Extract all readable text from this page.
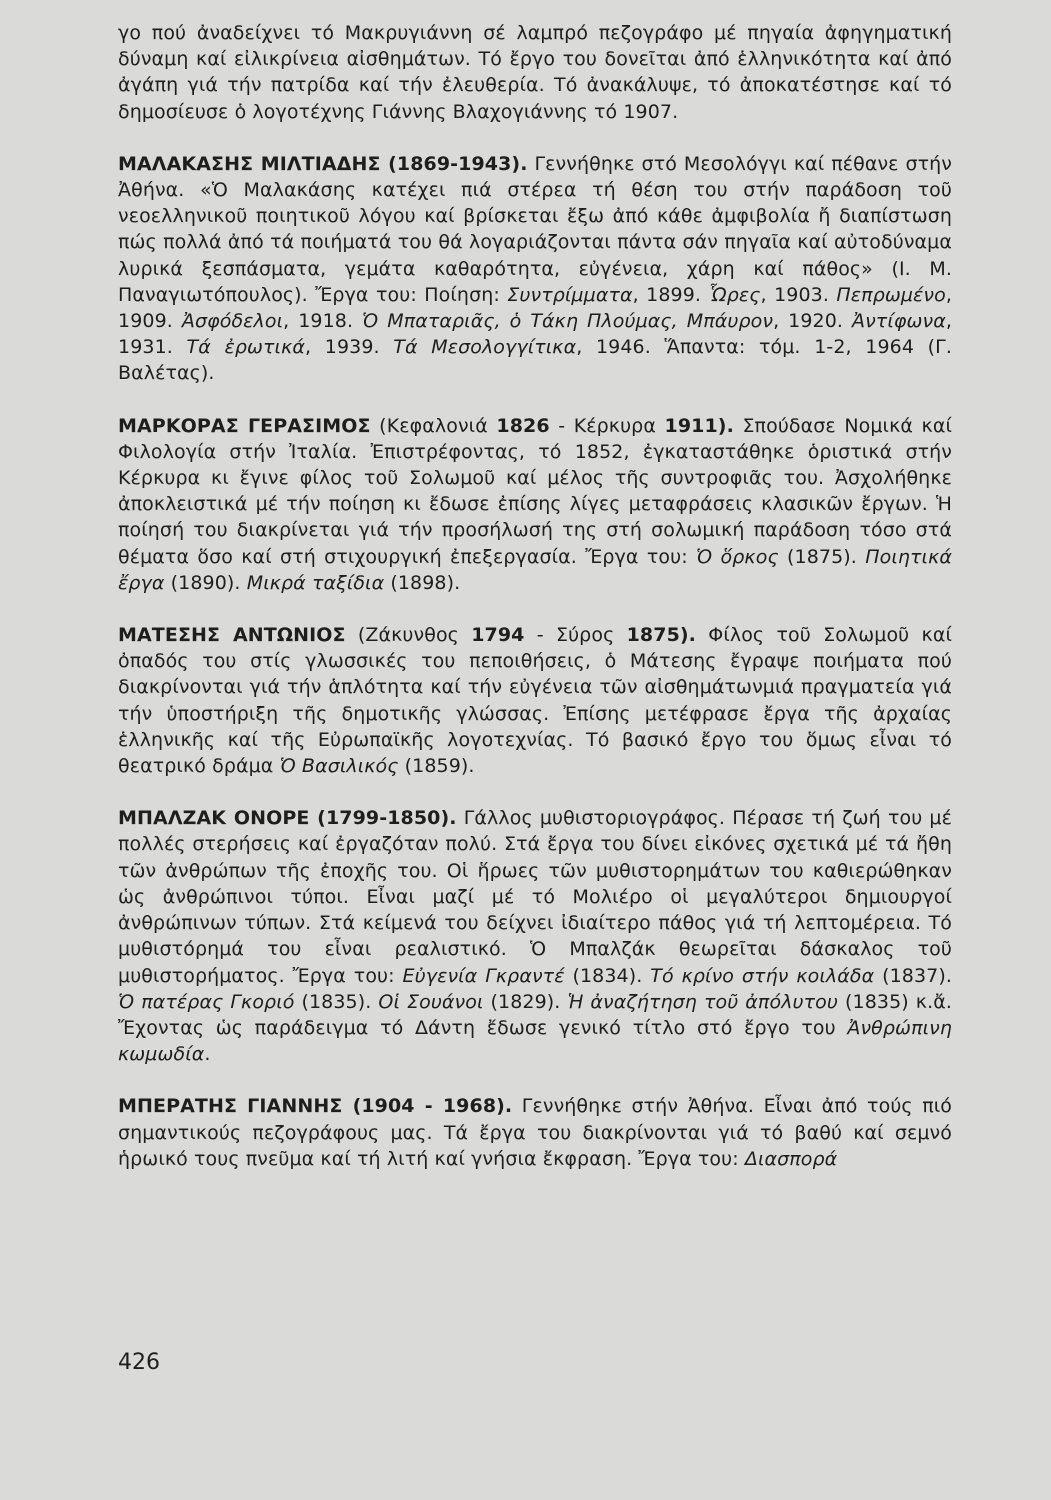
γο πού ἀναδείχνει τό Μακρυγιάννη σέ λαμπρό πεζογράφο μέ πηγαία ἀφηγηματική δύναμη καί εἰλικρίνεια αἰσθημάτων. Τό ἔργο του δονεῖται ἀπό ἑλληνικότητα καί ἀπό ἀγάπη γιά τήν πατρίδα καί τήν ἐλευθερία. Τό ἀνακάλυψε, τό ἀποκατέστησε καί τό δημοσίευσε ὁ λογοτέχνης Γιάννης Βλαχογιάννης τό 1907.

ΜΑΛΑΚΑΣΗΣ ΜΙΛΤΙΑΔΗΣ (1869-1943). Γεννήθηκε στό Μεσολόγγι καί πέθανε στήν Ἀθήνα. «Ὁ Μαλακάσης κατέχει πιά στέρεα τή θέση του στήν παράδοση τοῦ νεοελληνικοῦ ποιητικοῦ λόγου καί βρίσκεται ἔξω ἀπό κάθε ἀμφιβολία ἤ διαπίστωση πώς πολλά ἀπό τά ποιήματά του θά λογαριάζονται πάντα σάν πηγαῖα καί αὐτοδύναμα λυρικά ξεσπάσματα, γεμάτα καθαρότητα, εὐγένεια, χάρη καί πάθος» (Ι. Μ. Παναγιωτόπουλος). Ἔργα του: Ποίηση: Συντρίμματα, 1899. Ὧρες, 1903. Πεπρωμένο, 1909. Ἀσφόδελοι, 1918. Ὁ Μπαταριᾶς, ὁ Τάκη Πλούμας, Μπάυρον, 1920. Ἀντίφωνα, 1931. Τά ἐρωτικά, 1939. Τά Μεσολογγίτικα, 1946. Ἅπαντα: τόμ. 1-2, 1964 (Γ. Βαλέτας).

ΜΑΡΚΟΡΑΣ ΓΕΡΑΣΙΜΟΣ (Κεφαλονιά 1826 - Κέρκυρα 1911). Σπούδασε Νομικά καί Φιλολογία στήν Ἰταλία. Ἐπιστρέφοντας, τό 1852, ἐγκαταστάθηκε ὁριστικά στήν Κέρκυρα κι ἔγινε φίλος τοῦ Σολωμοῦ καί μέλος τῆς συντροφιᾶς του. Ἀσχολήθηκε ἀποκλειστικά μέ τήν ποίηση κι ἔδωσε ἐπίσης λίγες μεταφράσεις κλασικῶν ἔργων. Ἡ ποίησή του διακρίνεται γιά τήν προσήλωσή της στή σολωμική παράδοση τόσο στά θέματα ὅσο καί στή στιχουργική ἐπεξεργασία. Ἔργα του: Ὁ ὅρκος (1875). Ποιητικά ἔργα (1890). Μικρά ταξίδια (1898).

ΜΑΤΕΣΗΣ ΑΝΤΩΝΙΟΣ (Ζάκυνθος 1794 - Σύρος 1875). Φίλος τοῦ Σολωμοῦ καί ὀπαδός του στίς γλωσσικές του πεποιθήσεις, ὁ Μάτεσης ἔγραψε ποιήματα πού διακρίνονται γιά τήν ἁπλότητα καί τήν εὐγένεια τῶν αἰσθημάτωνμιά πραγματεία γιά τήν ὑποστήριξη τῆς δημοτικῆς γλώσσας. Ἐπίσης μετέφρασε ἔργα τῆς ἀρχαίας ἑλληνικῆς καί τῆς Εὐρωπαϊκῆς λογοτεχνίας. Τό βασικό ἔργο του ὅμως εἶναι τό θεατρικό δράμα Ὁ Βασιλικός (1859).

ΜΠΑΛΖΑΚ ΟΝΟΡΕ (1799-1850). Γάλλος μυθιστοριογράφος. Πέρασε τή ζωή του μέ πολλές στερήσεις καί ἐργαζόταν πολύ. Στά ἔργα του δίνει εἰκόνες σχετικά μέ τά ἤθη τῶν ἀνθρώπων τῆς ἐποχῆς του. Οἱ ἥρωες τῶν μυθιστορημάτων του καθιερώθηκαν ὡς ἀνθρώπινοι τύποι. Εἶναι μαζί μέ τό Μολιέρο οἱ μεγαλύτεροι δημιουργοί ἀνθρώπινων τύπων. Στά κείμενά του δείχνει ἰδιαίτερο πάθος γιά τή λεπτομέρεια. Τό μυθιστόρημά του εἶναι ρεαλιστικό. Ὁ Μπαλζάκ θεωρεῖται δάσκαλος τοῦ μυθιστορήματος. Ἔργα του: Εὐγενία Γκραντέ (1834). Τό κρίνο στήν κοιλάδα (1837). Ὁ πατέρας Γκοριό (1835). Οἱ Σουάνοι (1829). Ἡ ἀναζήτηση τοῦ ἀπόλυτου (1835) κ.ἄ. Ἔχοντας ὡς παράδειγμα τό Δάντη ἔδωσε γενικό τίτλο στό ἔργο του Ἀνθρώπινη κωμωδία.

ΜΠΕΡΑΤΗΣ ΓΙΑΝΝΗΣ (1904 - 1968). Γεννήθηκε στήν Ἀθήνα. Εἶναι ἀπό τούς πιό σημαντικούς πεζογράφους μας. Τά ἔργα του διακρίνονται γιά τό βαθύ καί σεμνό ἡρωικό τους πνεῦμα καί τή λιτή καί γνήσια ἔκφραση. Ἔργα του: Διασπορά

426
